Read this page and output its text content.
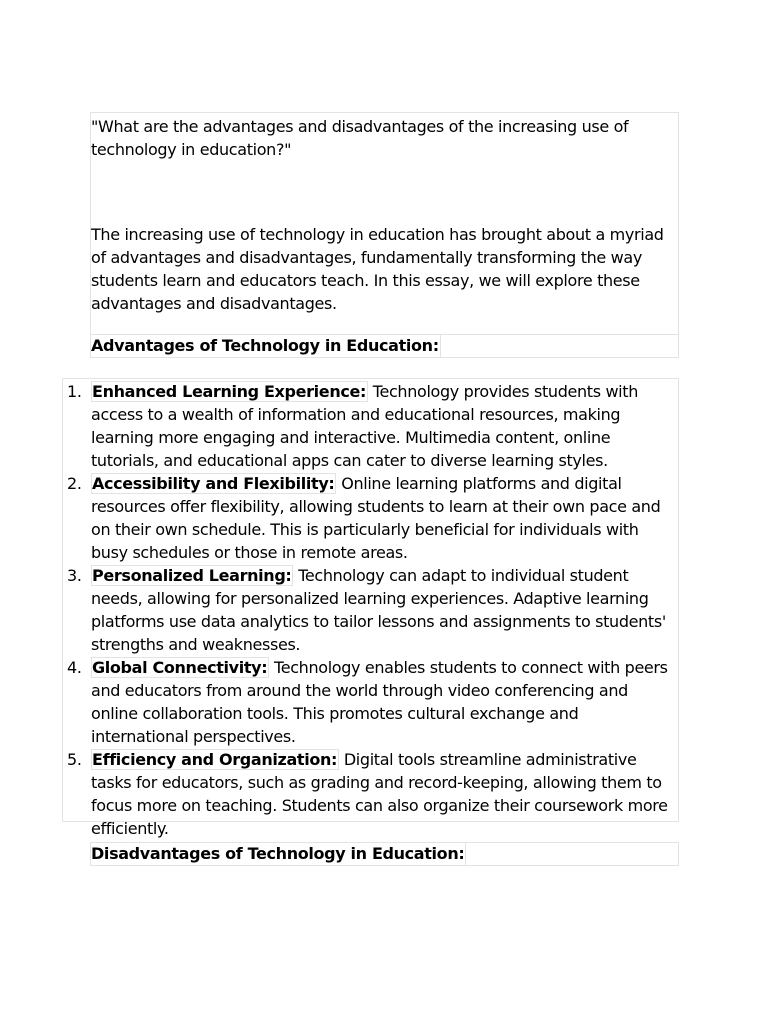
"What are the advantages and disadvantages of the increasing use of technology in education?"

The increasing use of technology in education has brought about a myriad of advantages and disadvantages, fundamentally transforming the way students learn and educators teach. In this essay, we will explore these advantages and disadvantages.

Advantages of Technology in Education:
1. Enhanced Learning Experience: Technology provides students with access to a wealth of information and educational resources, making learning more engaging and interactive. Multimedia content, online tutorials, and educational apps can cater to diverse learning styles.
2. Accessibility and Flexibility: Online learning platforms and digital resources offer flexibility, allowing students to learn at their own pace and on their own schedule. This is particularly beneficial for individuals with busy schedules or those in remote areas.
3. Personalized Learning: Technology can adapt to individual student needs, allowing for personalized learning experiences. Adaptive learning platforms use data analytics to tailor lessons and assignments to students' strengths and weaknesses.
4. Global Connectivity: Technology enables students to connect with peers and educators from around the world through video conferencing and online collaboration tools. This promotes cultural exchange and international perspectives.
5. Efficiency and Organization: Digital tools streamline administrative tasks for educators, such as grading and record-keeping, allowing them to focus more on teaching. Students can also organize their coursework more efficiently.
Disadvantages of Technology in Education:
